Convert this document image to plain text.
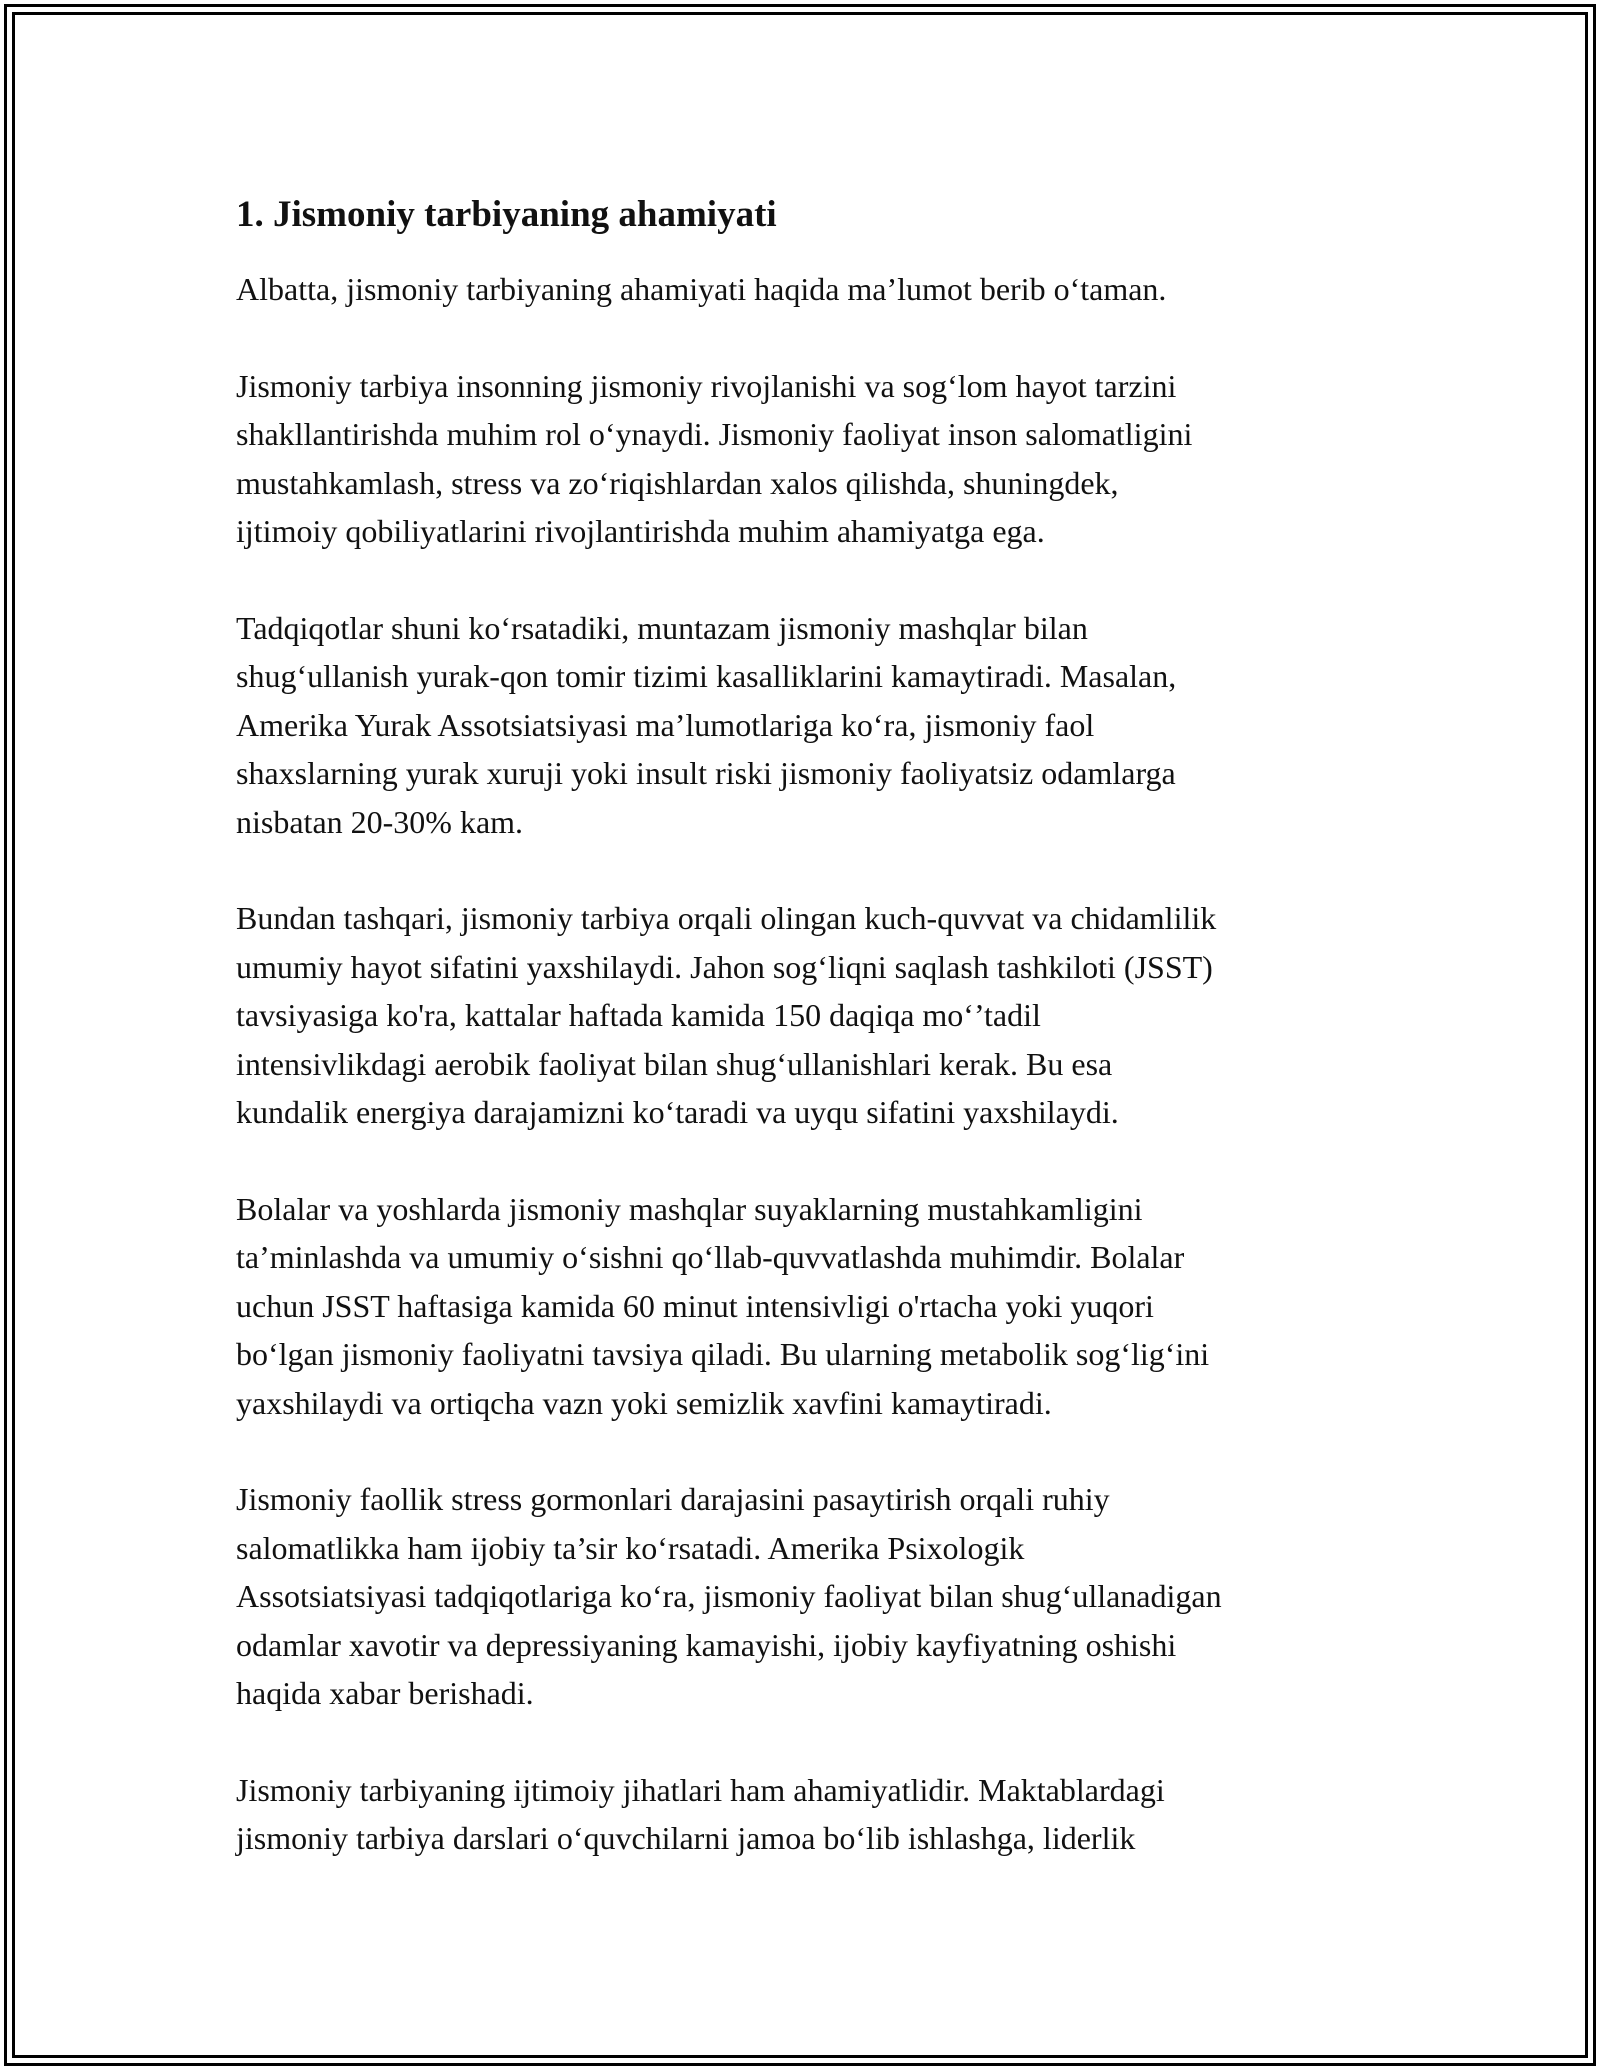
1. Jismoniy tarbiyaning ahamiyati

Albatta, jismoniy tarbiyaning ahamiyati haqida ma’lumot berib o‘taman.

Jismoniy tarbiya insonning jismoniy rivojlanishi va sog‘lom hayot tarzini
shakllantirishda muhim rol o‘ynaydi. Jismoniy faoliyat inson salomatligini
mustahkamlash, stress va zo‘riqishlardan xalos qilishda, shuningdek,
ijtimoiy qobiliyatlarini rivojlantirishda muhim ahamiyatga ega.

Tadqiqotlar shuni ko‘rsatadiki, muntazam jismoniy mashqlar bilan
shug‘ullanish yurak-qon tomir tizimi kasalliklarini kamaytiradi. Masalan,
Amerika Yurak Assotsiatsiyasi ma’lumotlariga ko‘ra, jismoniy faol
shaxslarning yurak xuruji yoki insult riski jismoniy faoliyatsiz odamlarga
nisbatan 20-30% kam.

Bundan tashqari, jismoniy tarbiya orqali olingan kuch-quvvat va chidamlilik
umumiy hayot sifatini yaxshilaydi. Jahon sog‘liqni saqlash tashkiloti (JSST)
tavsiyasiga ko'ra, kattalar haftada kamida 150 daqiqa mo‘’tadil
intensivlikdagi aerobik faoliyat bilan shug‘ullanishlari kerak. Bu esa
kundalik energiya darajamizni ko‘taradi va uyqu sifatini yaxshilaydi.

Bolalar va yoshlarda jismoniy mashqlar suyaklarning mustahkamligini
ta’minlashda va umumiy o‘sishni qo‘llab-quvvatlashda muhimdir. Bolalar
uchun JSST haftasiga kamida 60 minut intensivligi o'rtacha yoki yuqori
bo‘lgan jismoniy faoliyatni tavsiya qiladi. Bu ularning metabolik sog‘lig‘ini
yaxshilaydi va ortiqcha vazn yoki semizlik xavfini kamaytiradi.

Jismoniy faollik stress gormonlari darajasini pasaytirish orqali ruhiy
salomatlikka ham ijobiy ta’sir ko‘rsatadi. Amerika Psixologik
Assotsiatsiyasi tadqiqotlariga ko‘ra, jismoniy faoliyat bilan shug‘ullanadigan
odamlar xavotir va depressiyaning kamayishi, ijobiy kayfiyatning oshishi
haqida xabar berishadi.

Jismoniy tarbiyaning ijtimoiy jihatlari ham ahamiyatlidir. Maktablardagi
jismoniy tarbiya darslari o‘quvchilarni jamoa bo‘lib ishlashga, liderlik
